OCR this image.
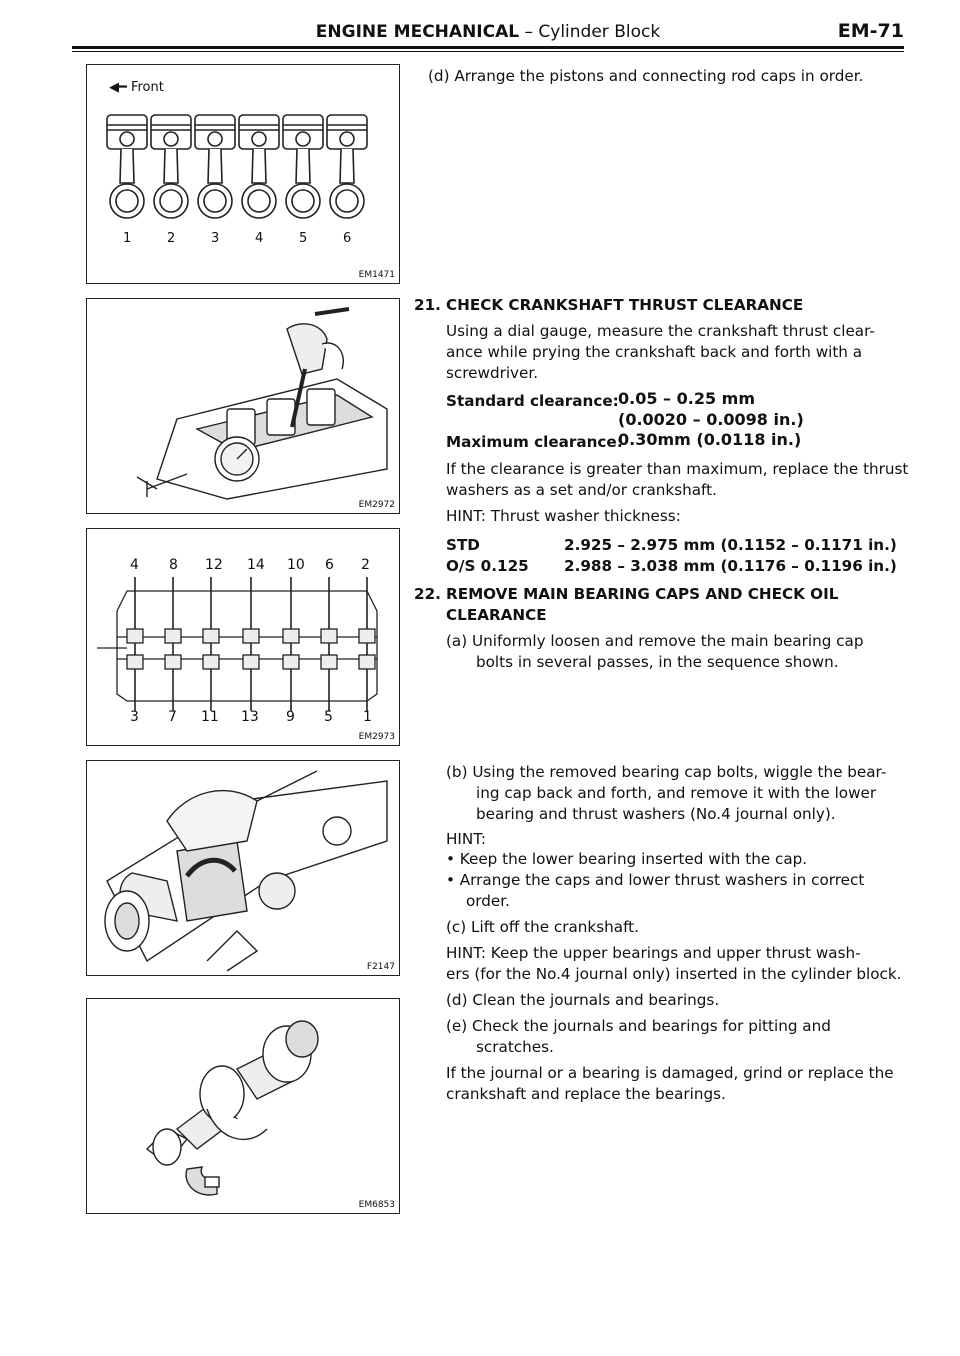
ENGINE MECHANICAL – Cylinder Block	EM-71
◀━ Front
1	2	3	4	5	6
EM1471
EM2972
4 8 12 14 10 6 2
3 7 11 13 9 5 1
EM2973
F2147
EM6853
(d) Arrange the pistons and connecting rod caps in order.
21. CHECK CRANKSHAFT THRUST CLEARANCE
Using a dial gauge, measure the crankshaft thrust clear-
ance while prying the crankshaft back and forth with a
screwdriver.
Standard clearance: 0.05 – 0.25 mm
(0.0020 – 0.0098 in.)
Maximum clearance:
0.30mm (0.0118 in.)
If the clearance is greater than maximum, replace the thrust
washers as a set and/or crankshaft.
HINT: Thrust washer thickness:
STD	2.925 – 2.975 mm (0.1152 – 0.1171 in.)
O/S 0.125 2.988 – 3.038 mm (0.1176 – 0.1196 in.)
22. REMOVE MAIN BEARING CAPS AND CHECK OIL
CLEARANCE
(a) Uniformly loosen and remove the main bearing cap
bolts in several passes, in the sequence shown.
(b) Using the removed bearing cap bolts, wiggle the bear-
ing cap back and forth, and remove it with the lower
bearing and thrust washers (No.4 journal only).
HINT:
• Keep the lower bearing inserted with the cap.
• Arrange the caps and lower thrust washers in correct
order.
(c) Lift off the crankshaft.
HINT: Keep the upper bearings and upper thrust wash-
ers (for the No.4 journal only) inserted in the cylinder block.
(d) Clean the journals and bearings.
(e) Check the journals and bearings for pitting and
scratches.
If the journal or a bearing is damaged, grind or replace the
crankshaft and replace the bearings.
